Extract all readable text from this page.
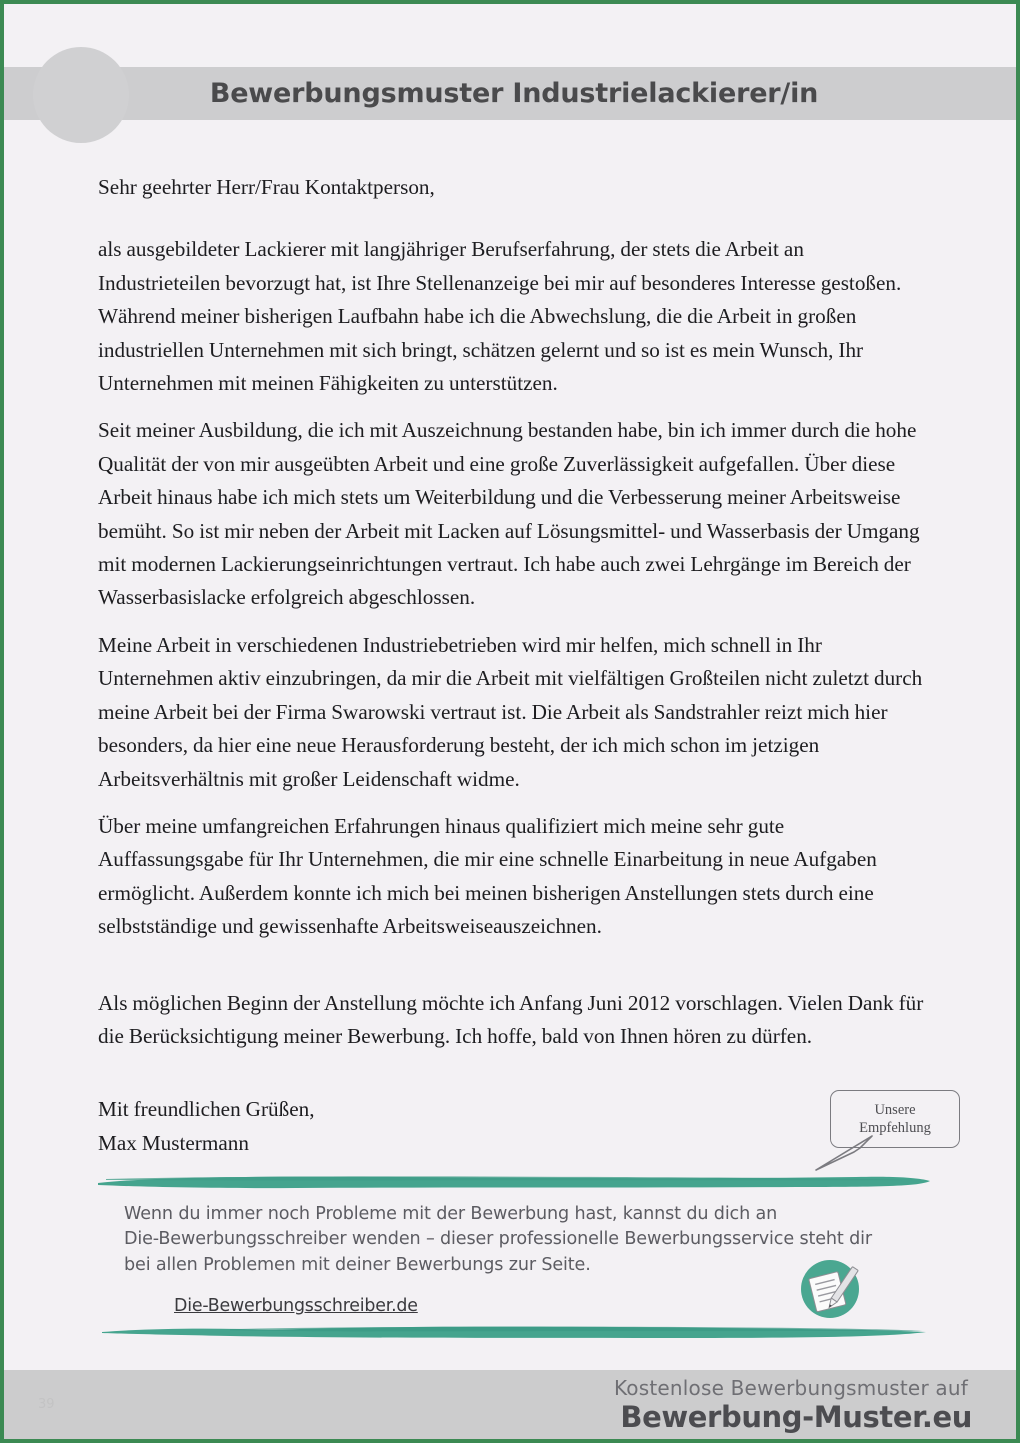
Bewerbungsmuster Industrielackierer/in

Sehr geehrter Herr/Frau Kontaktperson,

als ausgebildeter Lackierer mit langjähriger Berufserfahrung, der stets die Arbeit an Industrieteilen bevorzugt hat, ist Ihre Stellenanzeige bei mir auf besonderes Interesse gestoßen. Während meiner bisherigen Laufbahn habe ich die Abwechslung, die die Arbeit in großen industriellen Unternehmen mit sich bringt, schätzen gelernt und so ist es mein Wunsch, Ihr Unternehmen mit meinen Fähigkeiten zu unterstützen.

Seit meiner Ausbildung, die ich mit Auszeichnung bestanden habe, bin ich immer durch die hohe Qualität der von mir ausgeübten Arbeit und eine große Zuverlässigkeit aufgefallen. Über diese Arbeit hinaus habe ich mich stets um Weiterbildung und die Verbesserung meiner Arbeitsweise bemüht. So ist mir neben der Arbeit mit Lacken auf Lösungsmittel- und Wasserbasis der Umgang mit modernen Lackierungseinrichtungen vertraut. Ich habe auch zwei Lehrgänge im Bereich der Wasserbasislacke erfolgreich abgeschlossen.

Meine Arbeit in verschiedenen Industriebetrieben wird mir helfen, mich schnell in Ihr Unternehmen aktiv einzubringen, da mir die Arbeit mit vielfältigen Großteilen nicht zuletzt durch meine Arbeit bei der Firma Swarowski vertraut ist. Die Arbeit als Sandstrahler reizt mich hier besonders, da hier eine neue Herausforderung besteht, der ich mich schon im jetzigen Arbeitsverhältnis mit großer Leidenschaft widme.

Über meine umfangreichen Erfahrungen hinaus qualifiziert mich meine sehr gute Auffassungsgabe für Ihr Unternehmen, die mir eine schnelle Einarbeitung in neue Aufgaben ermöglicht. Außerdem konnte ich mich bei meinen bisherigen Anstellungen stets durch eine selbstständige und gewissenhafte Arbeitsweiseauszeichnen.

Als möglichen Beginn der Anstellung möchte ich Anfang Juni 2012 vorschlagen. Vielen Dank für die Berücksichtigung meiner Bewerbung. Ich hoffe, bald von Ihnen hören zu dürfen.

Mit freundlichen Grüßen,
Max Mustermann

Unsere
Empfehlung
Wenn du immer noch Probleme mit der Bewerbung hast, kannst du dich an
Die-Bewerbungsschreiber wenden – dieser professionelle Bewerbungsservice steht dir
bei allen Problemen mit deiner Bewerbungs zur Seite.
Die-Bewerbungsschreiber.de
39
Kostenlose Bewerbungsmuster auf
Bewerbung-Muster.eu
